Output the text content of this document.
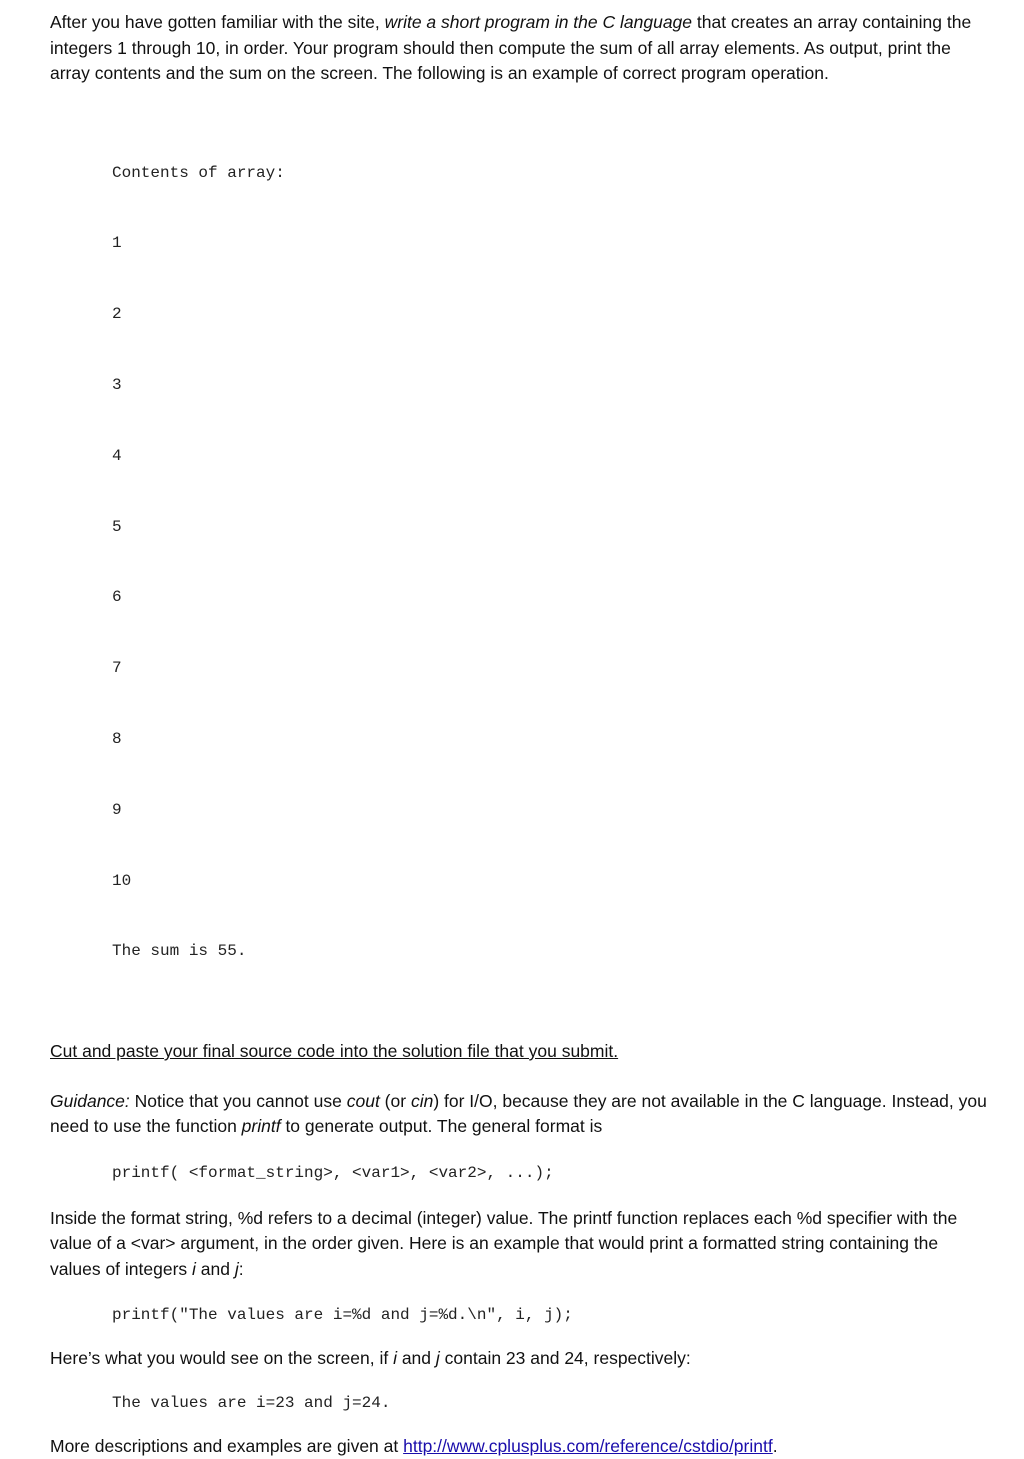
After you have gotten familiar with the site, write a short program in the C language that creates an array containing the integers 1 through 10, in order. Your program should then compute the sum of all array elements. As output, print the array contents and the sum on the screen. The following is an example of correct program operation.

Contents of array:

1

2

3

4

5

6

7

8

9

10

The sum is 55.

Cut and paste your final source code into the solution file that you submit.

Guidance: Notice that you cannot use cout (or cin) for I/O, because they are not available in the C language. Instead, you need to use the function printf to generate output. The general format is

printf( <format_string>, <var1>, <var2>, ...);

Inside the format string, %d refers to a decimal (integer) value. The printf function replaces each %d specifier with the value of a <var> argument, in the order given. Here is an example that would print a formatted string containing the values of integers i and j:

printf("The values are i=%d and j=%d.\n", i, j);

Here’s what you would see on the screen, if i and j contain 23 and 24, respectively:

The values are i=23 and j=24.

More descriptions and examples are given at http://www.cplusplus.com/reference/cstdio/printf.
